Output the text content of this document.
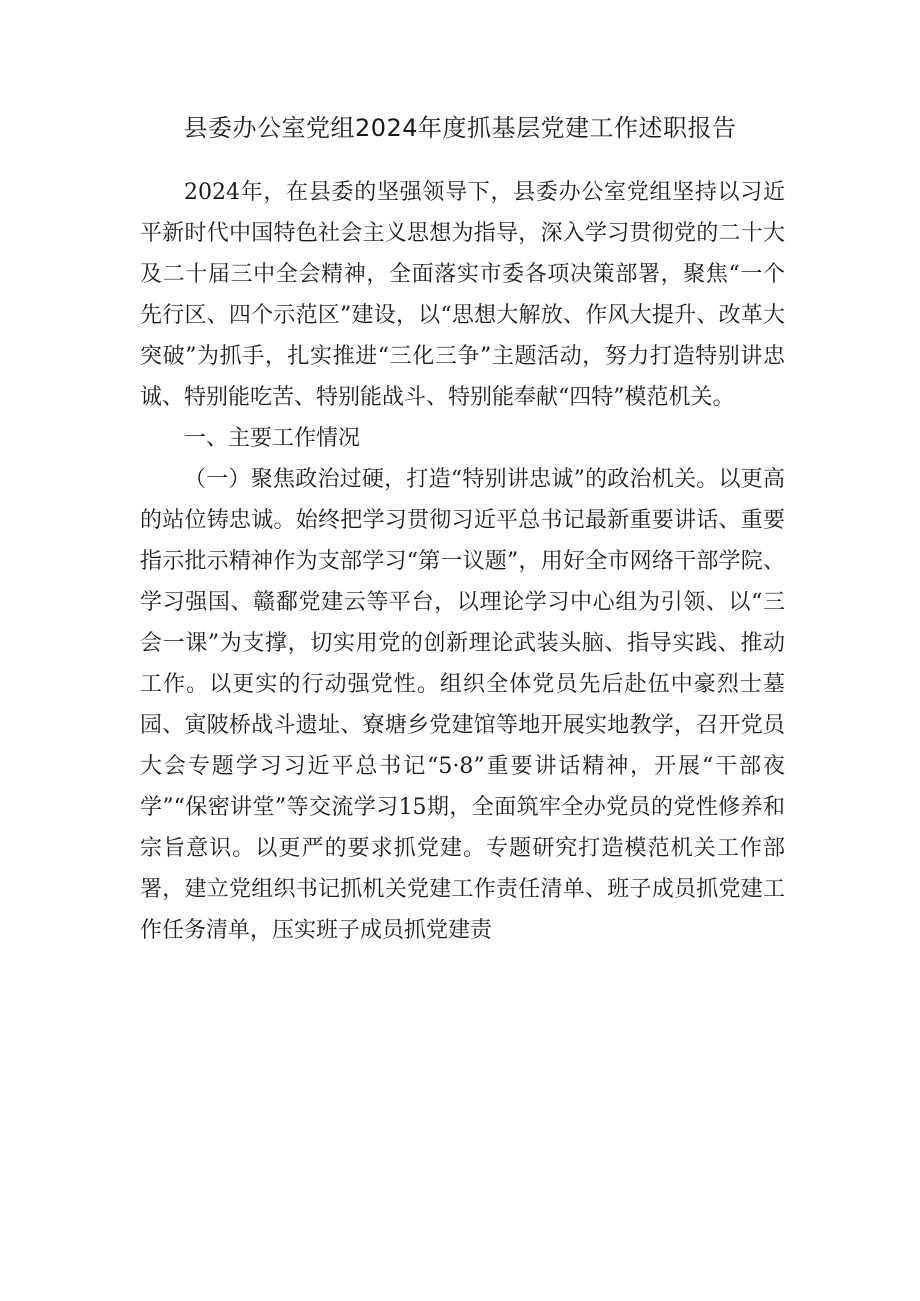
县委办公室党组2024年度抓基层党建工作述职报告

2024年，在县委的坚强领导下，县委办公室党组坚持以习近平新时代中国特色社会主义思想为指导，深入学习贯彻党的二十大及二十届三中全会精神，全面落实市委各项决策部署，聚焦“一个先行区、四个示范区”建设，以“思想大解放、作风大提升、改革大突破”为抓手，扎实推进“三化三争”主题活动，努力打造特别讲忠诚、特别能吃苦、特别能战斗、特别能奉献“四特”模范机关。

一、主要工作情况

（一）聚焦政治过硬，打造“特别讲忠诚”的政治机关。以更高的站位铸忠诚。始终把学习贯彻习近平总书记最新重要讲话、重要指示批示精神作为支部学习“第一议题”，用好全市网络干部学院、学习强国、赣鄱党建云等平台，以理论学习中心组为引领、以“三会一课”为支撑，切实用党的创新理论武装头脑、指导实践、推动工作。以更实的行动强党性。组织全体党员先后赴伍中豪烈士墓园、寅陂桥战斗遗址、寮塘乡党建馆等地开展实地教学，召开党员大会专题学习习近平总书记“5·8”重要讲话精神，开展“干部夜学”“保密讲堂”等交流学习15期，全面筑牢全办党员的党性修养和宗旨意识。以更严的要求抓党建。专题研究打造模范机关工作部署，建立党组织书记抓机关党建工作责任清单、班子成员抓党建工作任务清单，压实班子成员抓党建责
